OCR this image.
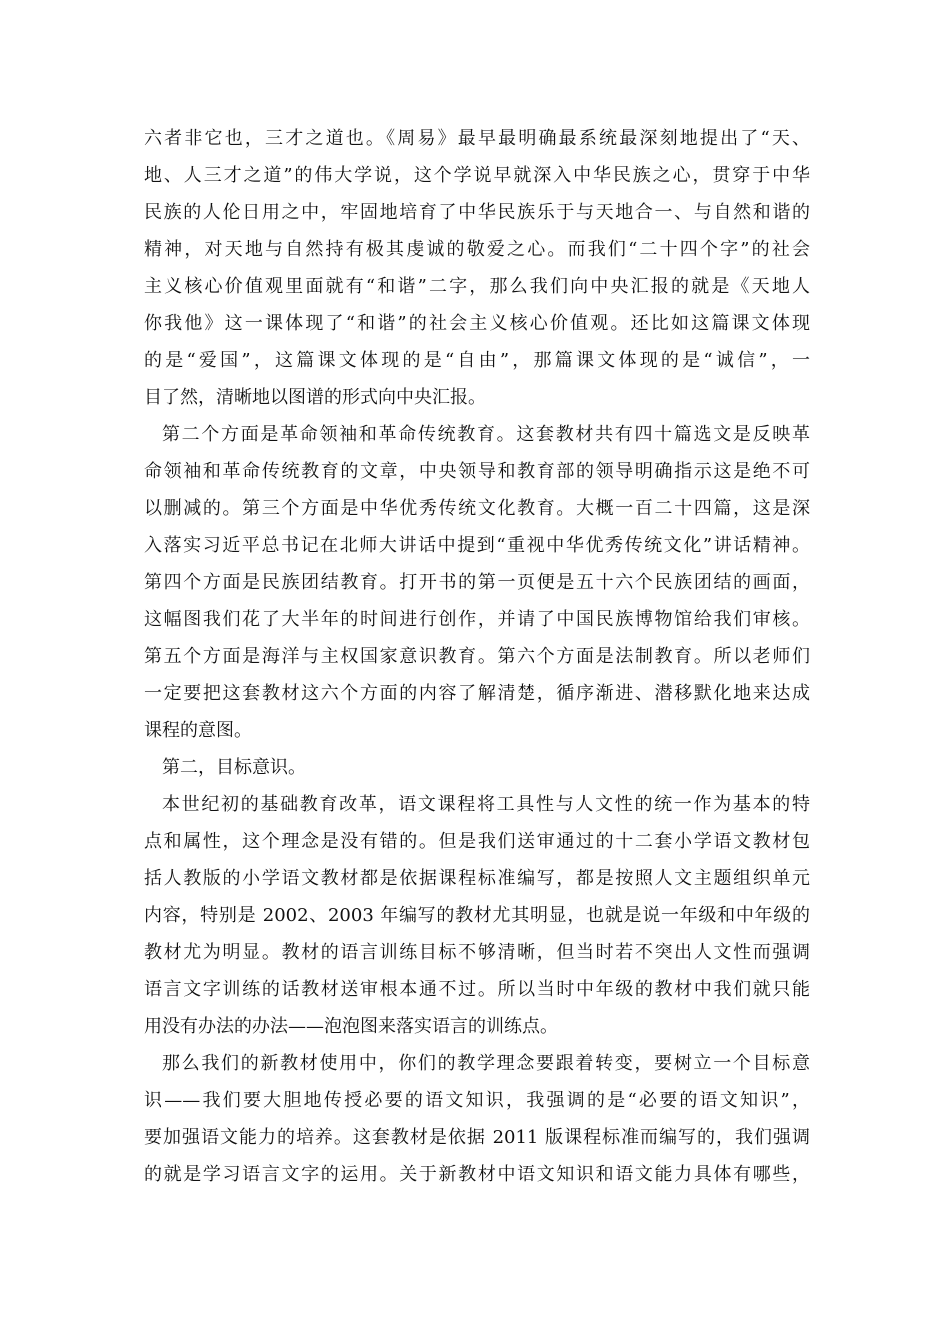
六者非它也，三才之道也。《周易》最早最明确最系统最深刻地提出了“天、
地、人三才之道”的伟大学说，这个学说早就深入中华民族之心，贯穿于中华
民族的人伦日用之中，牢固地培育了中华民族乐于与天地合一、与自然和谐的
精神，对天地与自然持有极其虔诚的敬爱之心。而我们“二十四个字”的社会
主义核心价值观里面就有“和谐”二字，那么我们向中央汇报的就是《天地人
你我他》这一课体现了“和谐”的社会主义核心价值观。还比如这篇课文体现
的是“爱国”，这篇课文体现的是“自由”，那篇课文体现的是“诚信”，一
目了然，清晰地以图谱的形式向中央汇报。
第二个方面是革命领袖和革命传统教育。这套教材共有四十篇选文是反映革
命领袖和革命传统教育的文章，中央领导和教育部的领导明确指示这是绝不可
以删减的。第三个方面是中华优秀传统文化教育。大概一百二十四篇，这是深
入落实习近平总书记在北师大讲话中提到“重视中华优秀传统文化”讲话精神。
第四个方面是民族团结教育。打开书的第一页便是五十六个民族团结的画面，
这幅图我们花了大半年的时间进行创作，并请了中国民族博物馆给我们审核。
第五个方面是海洋与主权国家意识教育。第六个方面是法制教育。所以老师们
一定要把这套教材这六个方面的内容了解清楚，循序渐进、潜移默化地来达成
课程的意图。
第二，目标意识。
本世纪初的基础教育改革，语文课程将工具性与人文性的统一作为基本的特
点和属性，这个理念是没有错的。但是我们送审通过的十二套小学语文教材包
括人教版的小学语文教材都是依据课程标准编写，都是按照人文主题组织单元
内容，特别是 2002、2003 年编写的教材尤其明显，也就是说一年级和中年级的
教材尤为明显。教材的语言训练目标不够清晰，但当时若不突出人文性而强调
语言文字训练的话教材送审根本通不过。所以当时中年级的教材中我们就只能
用没有办法的办法——泡泡图来落实语言的训练点。
那么我们的新教材使用中，你们的教学理念要跟着转变，要树立一个目标意
识——我们要大胆地传授必要的语文知识，我强调的是“必要的语文知识”，
要加强语文能力的培养。这套教材是依据 2011 版课程标准而编写的，我们强调
的就是学习语言文字的运用。关于新教材中语文知识和语文能力具体有哪些，
